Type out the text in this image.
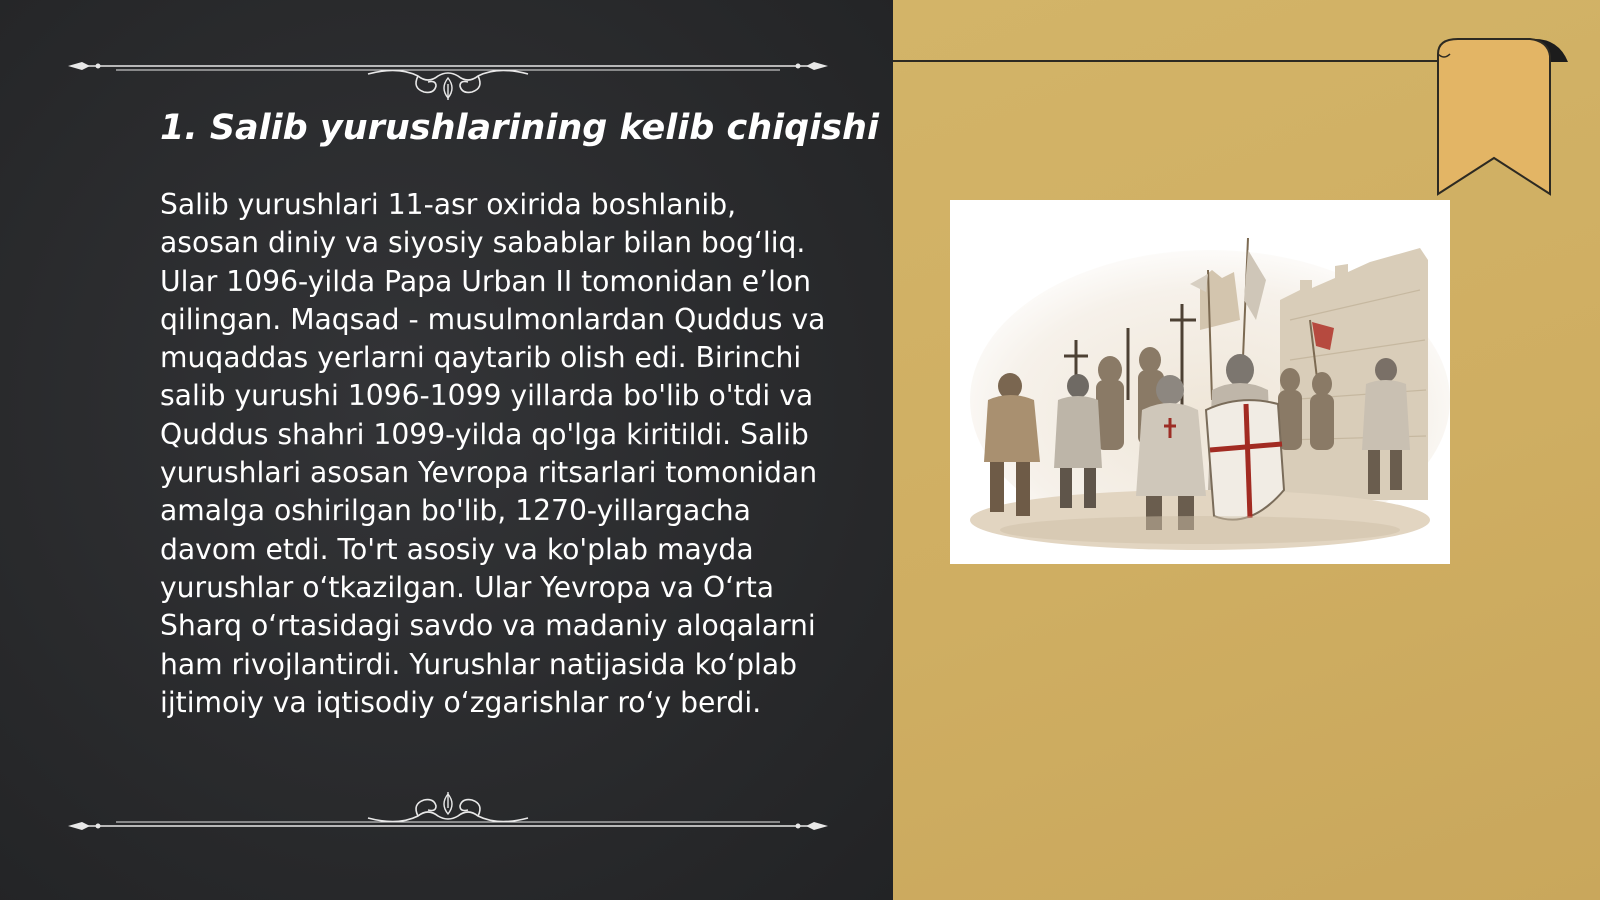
1. Salib yurushlarining kelib chiqishi

Salib yurushlari 11-asr oxirida boshlanib, asosan diniy va siyosiy sabablar bilan bog‘liq. Ular 1096-yilda Papa Urban II tomonidan e’lon qilingan. Maqsad - musulmonlardan Quddus va muqaddas yerlarni qaytarib olish edi. Birinchi salib yurushi 1096-1099 yillarda bo'lib o'tdi va Quddus shahri 1099-yilda qo'lga kiritildi. Salib yurushlari asosan Yevropa ritsarlari tomonidan amalga oshirilgan bo'lib, 1270-yillargacha davom etdi. To'rt asosiy va ko'plab mayda yurushlar o‘tkazilgan. Ular Yevropa va O‘rta Sharq o‘rtasidagi savdo va madaniy aloqalarni ham rivojlantirdi. Yurushlar natijasida ko‘plab ijtimoiy va iqtisodiy o‘zgarishlar ro‘y berdi.
